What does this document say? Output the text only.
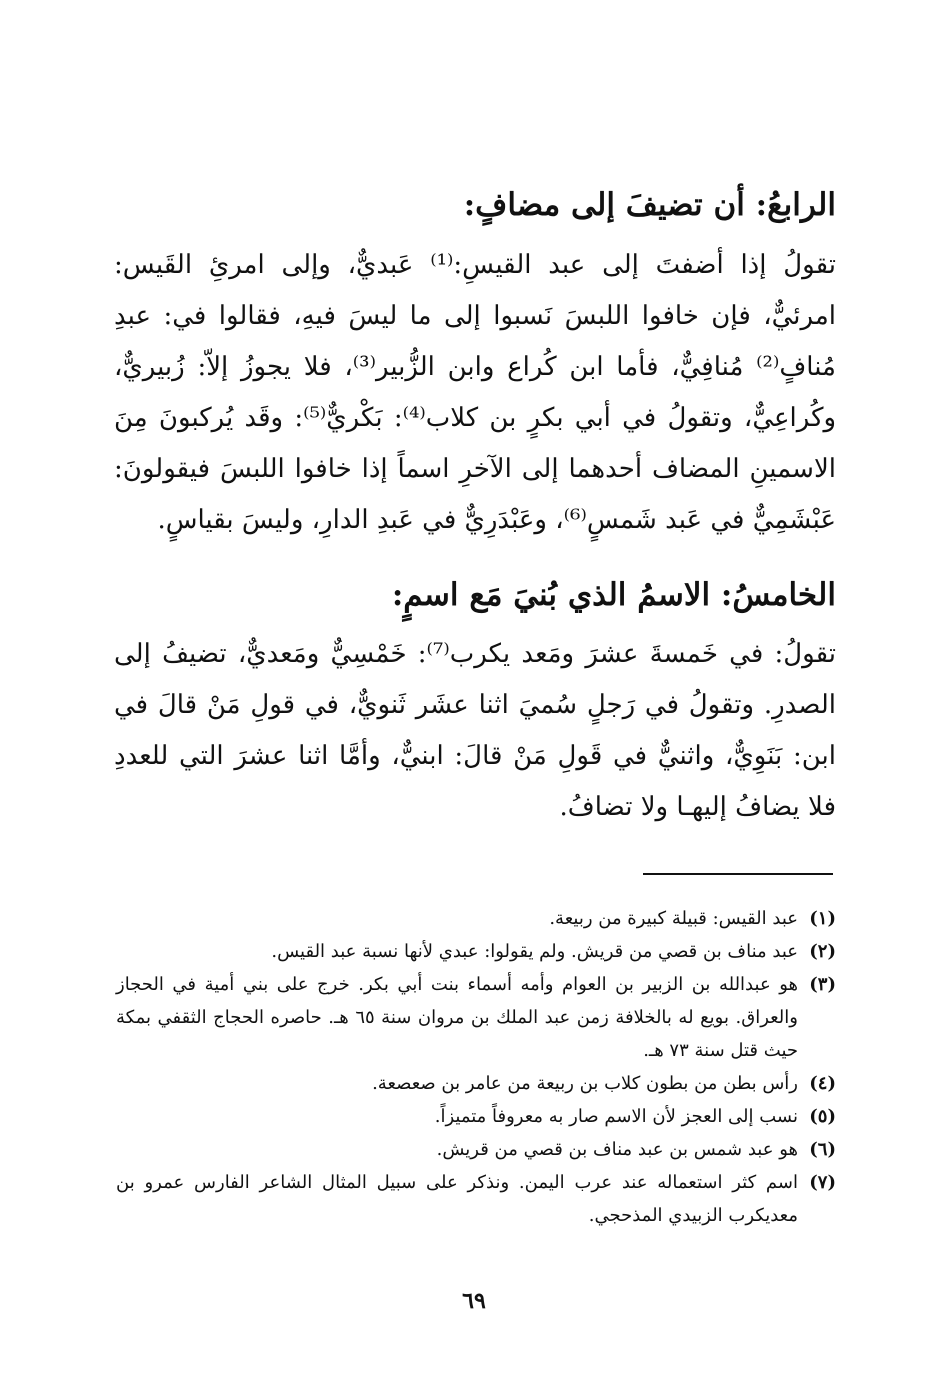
الرابعُ: أن تضيفَ إلى مضافٍ:

تقولُ إذا أضفتَ إلى عبد القيسِ:⁽¹⁾ عَبديٌّ، وإلى امرئِ القَيس: امرئيٌّ، فإن خافوا اللبسَ نَسبوا إلى ما ليسَ فيهِ، فقالوا في: عبدِ مُنافٍ⁽²⁾ مُنافِيٌّ، فأما ابن كُراع وابن الزُّبير⁽³⁾، فلا يجوزُ إلاّ: زُبيريٌّ، وكُراعِيٌّ، وتقولُ في أبي بكرٍ بن كلاب⁽⁴⁾: بَكْريٌّ⁽⁵⁾: وقَد يُركبونَ مِنَ الاسمينِ المضاف أحدهما إلى الآخرِ اسماً إذا خافوا اللبسَ فيقولونَ: عَبْشَمِيٌّ في عَبد شَمسٍ⁽⁶⁾، وعَبْدَرِيٌّ في عَبدِ الدارِ، وليسَ بقياسٍ.

الخامسُ: الاسمُ الذي بُنيَ مَع اسمٍ:

تقولُ: في خَمسةَ عشرَ ومَعد يكرب⁽⁷⁾: خَمْسِيٌّ ومَعديٌّ، تضيفُ إلى الصدرِ. وتقولُ في رَجلٍ سُميَ اثنا عشَر ثَنويٌّ، في قولِ مَنْ قالَ في ابن: بَنَوِيٌّ، واثنيٌّ في قَولِ مَنْ قالَ: ابنيٌّ، وأمَّا اثنا عشرَ التي للعددِ فلا يضافُ إليهـا ولا تضافُ.

(١)
عبد القيس: قبيلة كبيرة من ربيعة.
(٢)
عبد مناف بن قصي من قريش. ولم يقولوا: عبدي لأنها نسبة عبد القيس.
(٣)
هو عبدالله بن الزبير بن العوام وأمه أسماء بنت أبي بكر. خرج على بني أمية في الحجاز والعراق. بويع له بالخلافة زمن عبد الملك بن مروان سنة ٦٥ هـ. حاصره الحجاج الثقفي بمكة حيث قتل سنة ٧٣ هـ.
(٤)
رأس بطن من بطون كلاب بن ربيعة من عامر بن صعصعة.
(٥)
نسب إلى العجز لأن الاسم صار به معروفاً متميزاً.
(٦)
هو عبد شمس بن عبد مناف بن قصي من قريش.
(٧)
اسم كثر استعماله عند عرب اليمن. ونذكر على سبيل المثال الشاعر الفارس عمرو بن معديكرب الزبيدي المذحجي.
٦٩
